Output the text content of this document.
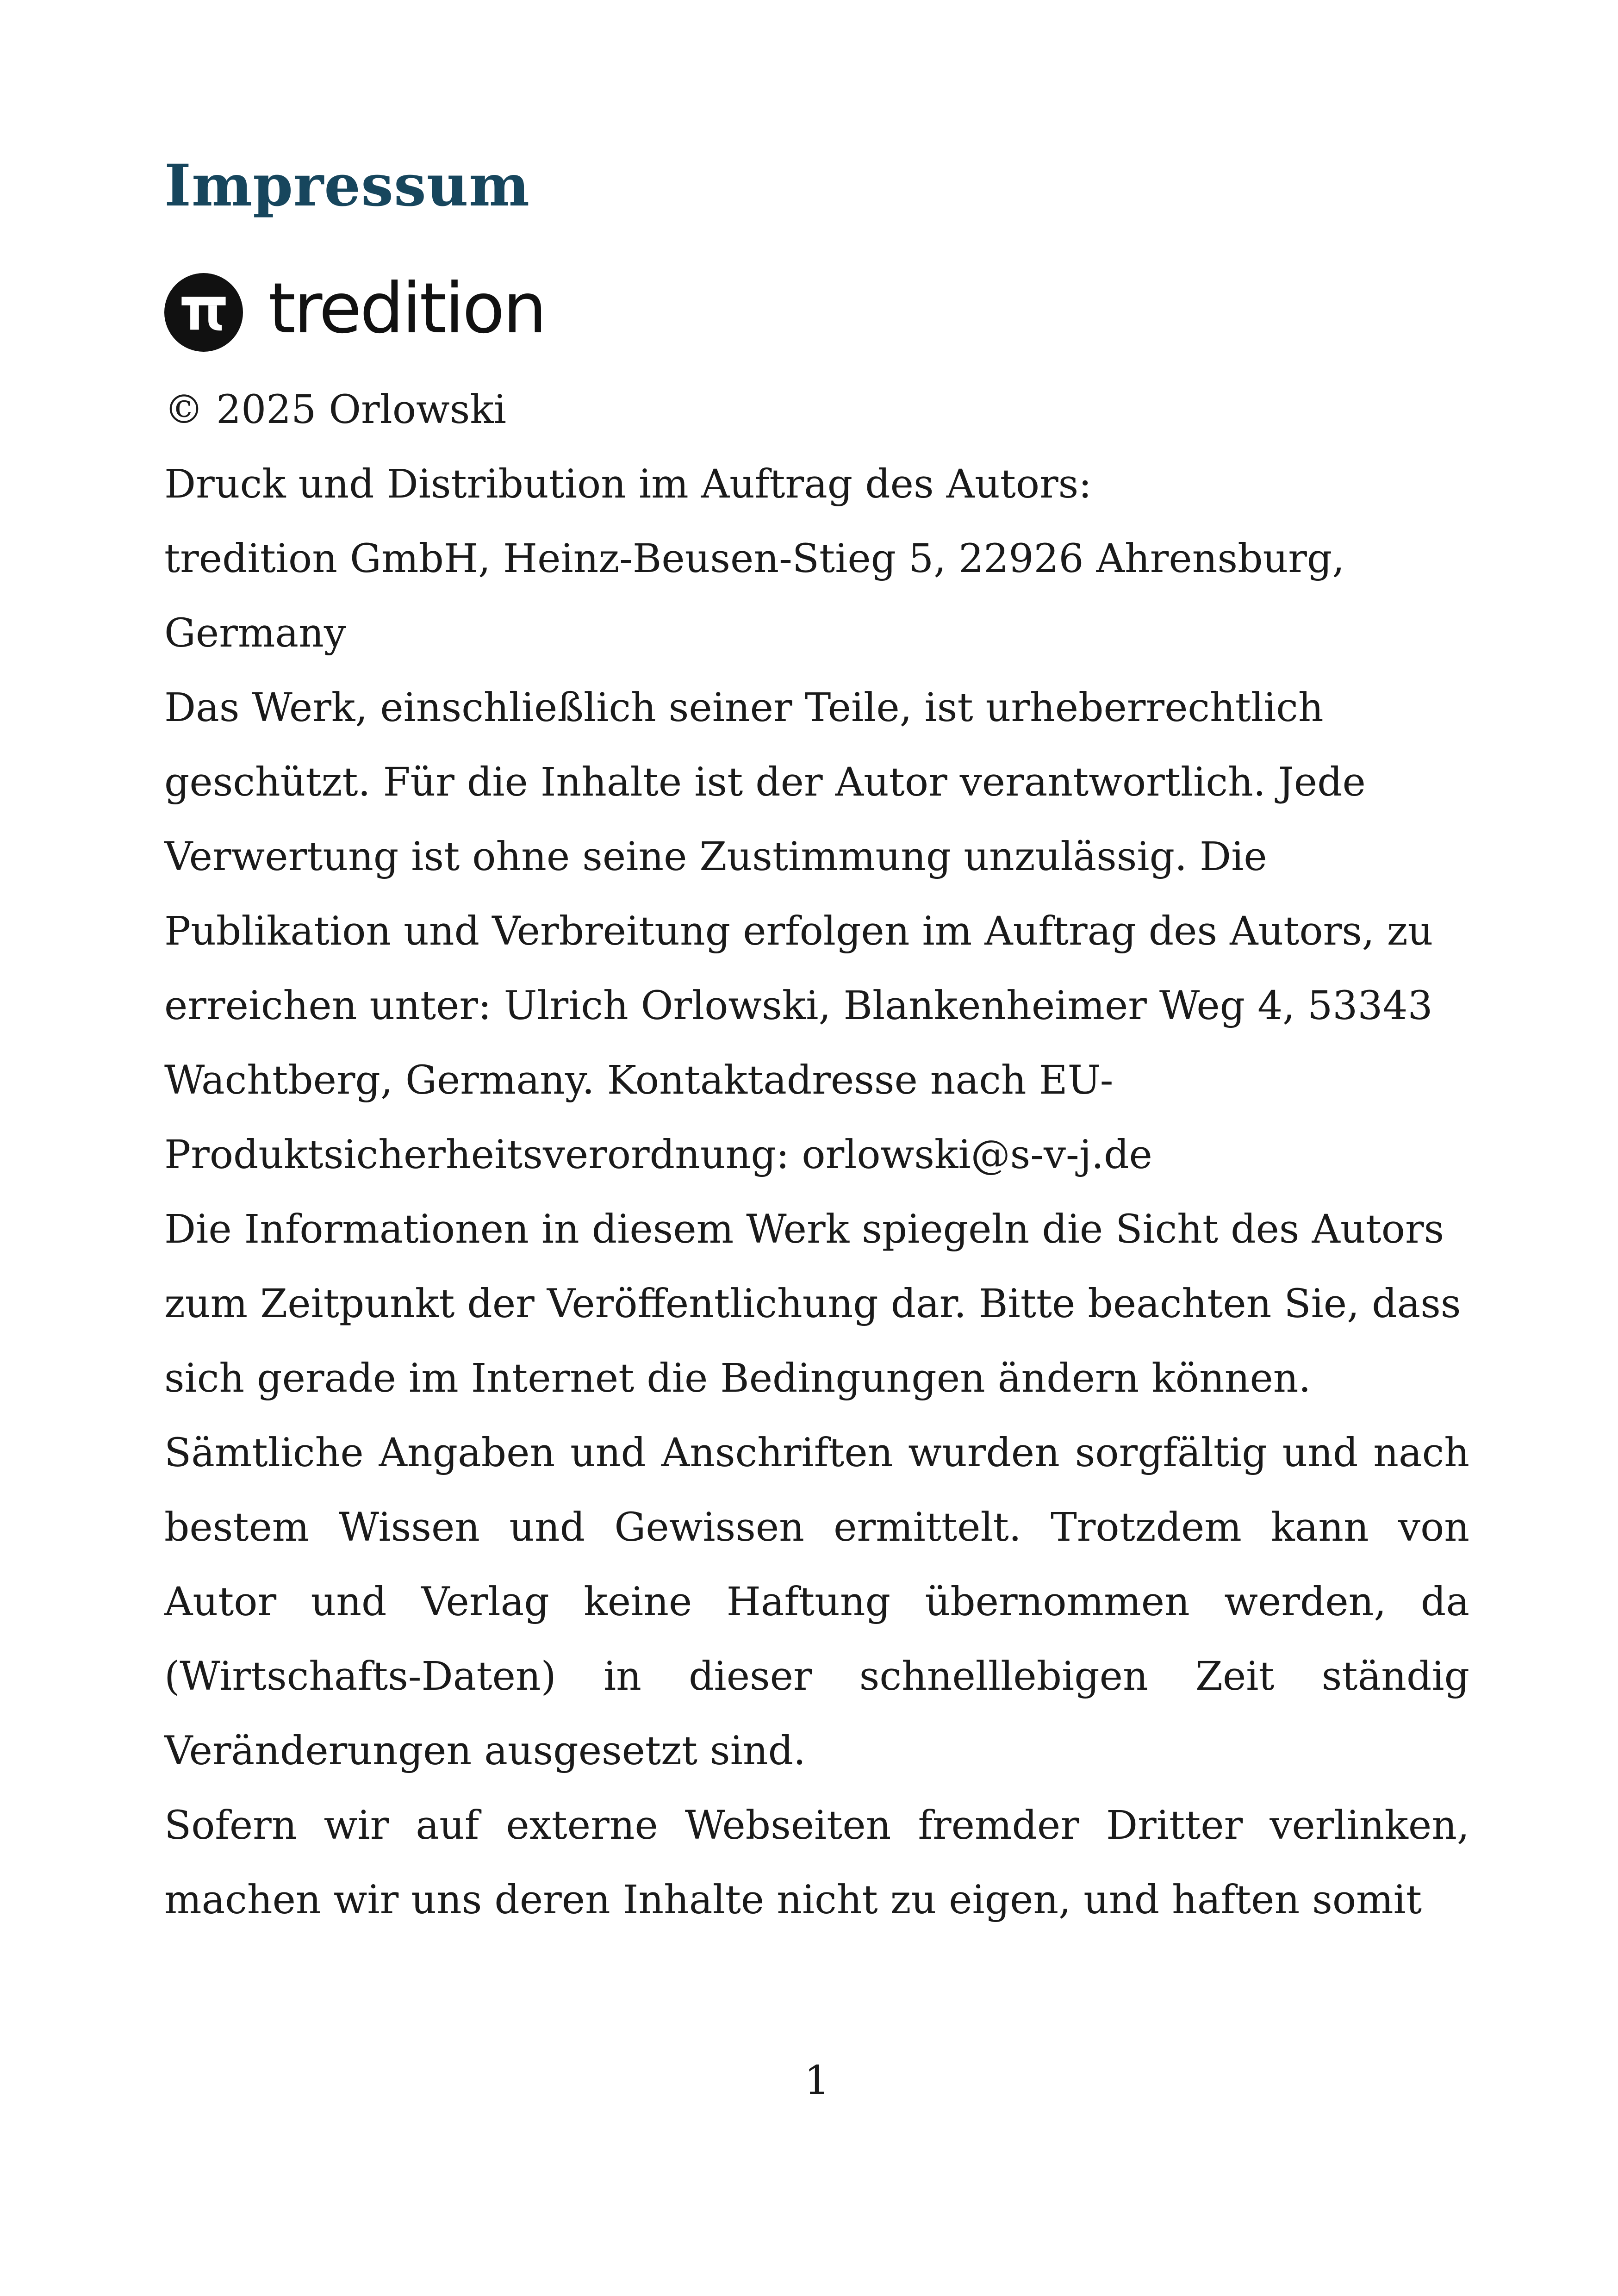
Impressum
tredition

© 2025 Orlowski

Druck und Distribution im Auftrag des Autors:

tredition GmbH, Heinz-Beusen-Stieg 5, 22926 Ahrensburg,

Germany

Das Werk, einschließlich seiner Teile, ist urheberrechtlich geschützt. Für die Inhalte ist der Autor verantwortlich. Jede Verwertung ist ohne seine Zustimmung unzulässig. Die Publikation und Verbreitung erfolgen im Auftrag des Autors, zu erreichen unter: Ulrich Orlowski, Blankenheimer Weg 4, 53343 Wachtberg, Germany. Kontaktadresse nach EU-Produktsicherheitsverordnung: orlowski@s-v-j.de

Die Informationen in diesem Werk spiegeln die Sicht des Autors zum Zeitpunkt der Veröffentlichung dar. Bitte beachten Sie, dass sich gerade im Internet die Bedingungen ändern können.

Sämtliche Angaben und Anschriften wurden sorgfältig und nach bestem Wissen und Gewissen ermittelt. Trotzdem kann von Autor und Verlag keine Haftung übernommen werden, da (Wirtschafts-Daten) in dieser schnelllebigen Zeit ständig Veränderungen ausgesetzt sind.

Sofern wir auf externe Webseiten fremder Dritter verlinken, machen wir uns deren Inhalte nicht zu eigen, und haften somit

1
